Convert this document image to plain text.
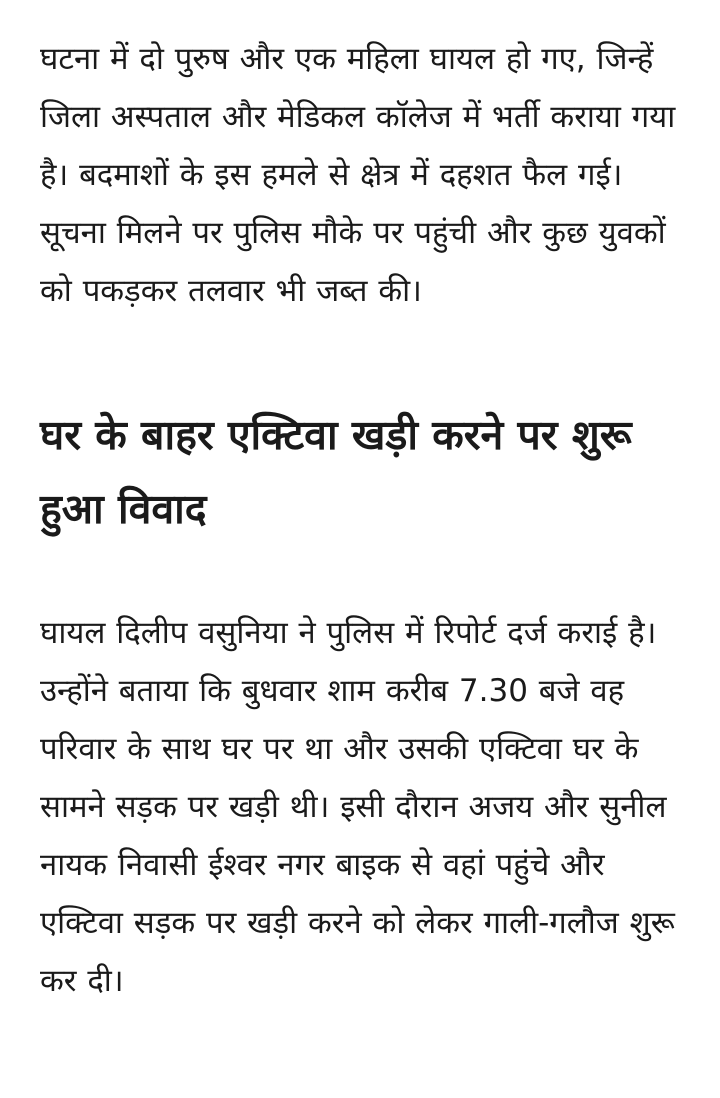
घटना में दो पुरुष और एक महिला घायल हो गए, जिन्हें जिला अस्पताल और मेडिकल कॉलेज में भर्ती कराया गया है। बदमाशों के इस हमले से क्षेत्र में दहशत फैल गई। सूचना मिलने पर पुलिस मौके पर पहुंची और कुछ युवकों को पकड़कर तलवार भी जब्त की।

घर के बाहर एक्टिवा खड़ी करने पर शुरू हुआ विवाद

घायल दिलीप वसुनिया ने पुलिस में रिपोर्ट दर्ज कराई है। उन्होंने बताया कि बुधवार शाम करीब 7.30 बजे वह परिवार के साथ घर पर था और उसकी एक्टिवा घर के सामने सड़क पर खड़ी थी। इसी दौरान अजय और सुनील नायक निवासी ईश्वर नगर बाइक से वहां पहुंचे और एक्टिवा सड़क पर खड़ी करने को लेकर गाली-गलौज शुरू कर दी।
